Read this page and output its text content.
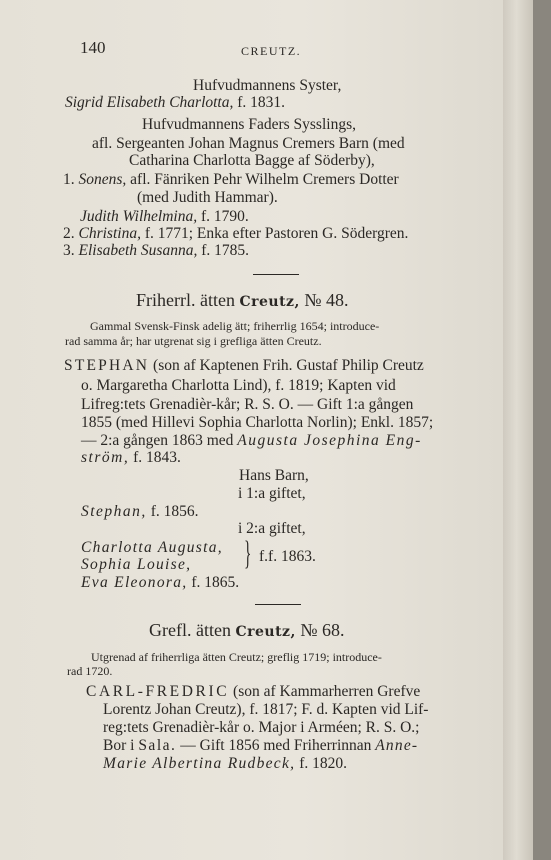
140	CREUTZ.
Hufvudmannens Syster,
Sigrid Elisabeth Charlotta, f. 1831.
Hufvudmannens Faders Sysslings,
afl. Sergeanten Johan Magnus Cremers Barn (med
Catharina Charlotta Bagge af Söderby),
1. Sonens, afl. Fänriken Pehr Wilhelm Cremers Dotter
(med Judith Hammar).
Judith Wilhelmina, f. 1790.
2. Christina, f. 1771; Enka efter Pastoren G. Södergren.
3. Elisabeth Susanna, f. 1785.
Friherrl. ätten Creutz, № 48.
Gammal Svensk-Finsk adelig ätt; friherrlig 1654; introduce-
rad samma år; har utgrenat sig i grefliga ätten Creutz.
STEPHAN (son af Kaptenen Frih. Gustaf Philip Creutz
o. Margaretha Charlotta Lind), f. 1819; Kapten vid
Lifreg:tets Grenadièr-kår; R. S. O. — Gift 1:a gången
1855 (med Hillevi Sophia Charlotta Norlin); Enkl. 1857;
— 2:a gången 1863 med Augusta Josephina Eng-
ström, f. 1843.
Hans Barn,
i 1:a giftet,
Stephan, f. 1856.
i 2:a giftet,
Charlotta Augusta,
Sophia Louise, } f.f. 1863.
Eva Eleonora, f. 1865.
Grefl. ätten Creutz, № 68.
Utgrenad af friherrliga ätten Creutz; greflig 1719; introduce-
rad 1720.
CARL-FREDRIC (son af Kammarherren Grefve
Lorentz Johan Creutz), f. 1817; F. d. Kapten vid Lif-
reg:tets Grenadièr-kår o. Major i Arméen; R. S. O.;
Bor i Sala. — Gift 1856 med Friherrinnan Anne-
Marie Albertina Rudbeck, f. 1820.
